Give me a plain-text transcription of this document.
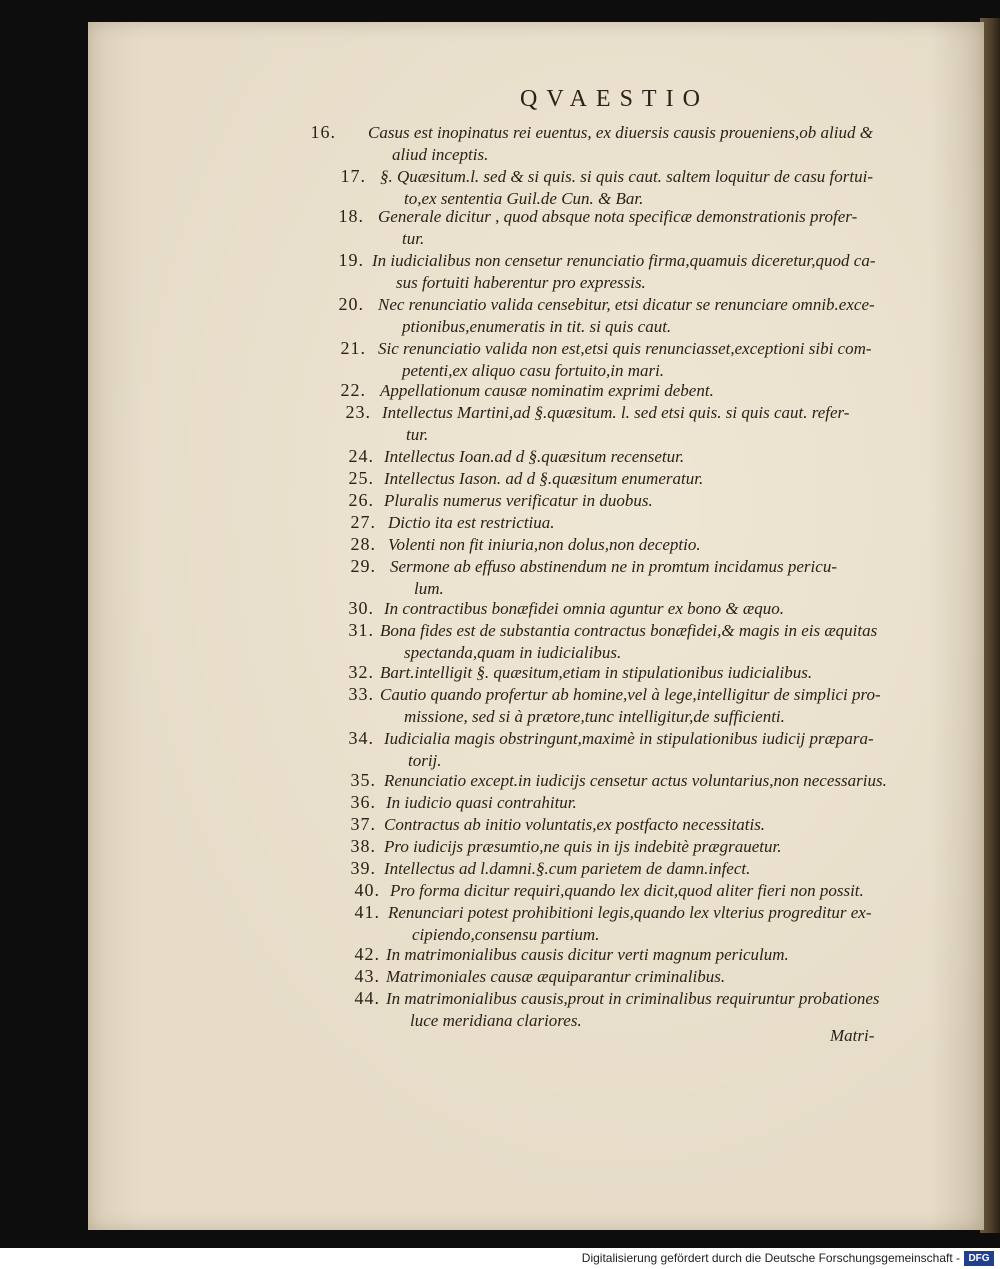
QVAESTIO
16. Casus est inopinatus rei euentus, ex diuersis causis proueniens,ob aliud &
aliud inceptis.
17. §. Quæsitum.l. sed & si quis. si quis caut. saltem loquitur de casu fortui-
to,ex sententia Guil.de Cun. & Bar.
18. Generale dicitur , quod absque nota specificæ demonstrationis profer-
tur.
19. In iudicialibus non censetur renunciatio firma,quamuis diceretur,quod ca-
sus fortuiti haberentur pro expressis.
20. Nec renunciatio valida censebitur, etsi dicatur se renunciare omnib.exce-
ptionibus,enumeratis in tit. si quis caut.
21. Sic renunciatio valida non est,etsi quis renunciasset,exceptioni sibi com-
petenti,ex aliquo casu fortuito,in mari.
22. Appellationum causæ nominatim exprimi debent.
23. Intellectus Martini,ad §.quæsitum. l. sed etsi quis. si quis caut. refer-
tur.
24. Intellectus Ioan.ad d §.quæsitum recensetur.
25. Intellectus Iason. ad d §.quæsitum enumeratur.
26. Pluralis numerus verificatur in duobus.
27. Dictio ita est restrictiua.
28. Volenti non fit iniuria,non dolus,non deceptio.
29. Sermone ab effuso abstinendum ne in promtum incidamus pericu-
lum.
30. In contractibus bonæfidei omnia aguntur ex bono & æquo.
31. Bona fides est de substantia contractus bonæfidei,& magis in eis æquitas
spectanda,quam in iudicialibus.
32. Bart.intelligit §. quæsitum,etiam in stipulationibus iudicialibus.
33. Cautio quando profertur ab homine,vel à lege,intelligitur de simplici pro-
missione, sed si à prætore,tunc intelligitur,de sufficienti.
34. Iudicialia magis obstringunt,maximè in stipulationibus iudicij præpara-
torij.
35. Renunciatio except.in iudicijs censetur actus voluntarius,non necessarius.
36. In iudicio quasi contrahitur.
37. Contractus ab initio voluntatis,ex postfacto necessitatis.
38. Pro iudicijs præsumtio,ne quis in ijs indebitè prægrauetur.
39. Intellectus ad l.damni.§.cum parietem de damn.infect.
40. Pro forma dicitur requiri,quando lex dicit,quod aliter fieri non possit.
41. Renunciari potest prohibitioni legis,quando lex vlterius progreditur ex-
cipiendo,consensu partium.
42. In matrimonialibus causis dicitur verti magnum periculum.
43. Matrimoniales causæ æquiparantur criminalibus.
44. In matrimonialibus causis,prout in criminalibus requiruntur probationes
luce meridiana clariores.
Matri-
Digitalisierung gefördert durch die Deutsche Forschungsgemeinschaft - DFG
